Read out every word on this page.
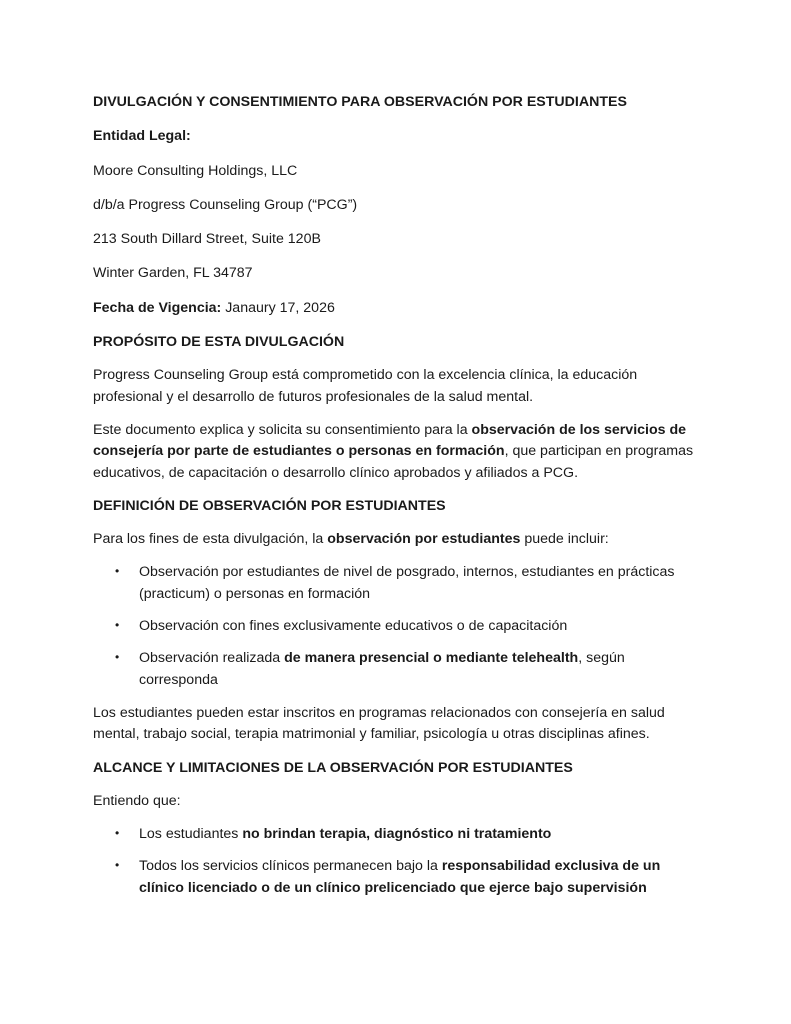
DIVULGACIÓN Y CONSENTIMIENTO PARA OBSERVACIÓN POR ESTUDIANTES

Entidad Legal:

Moore Consulting Holdings, LLC

d/b/a Progress Counseling Group (“PCG”)

213 South Dillard Street, Suite 120B

Winter Garden, FL 34787

Fecha de Vigencia: Janaury 17, 2026

PROPÓSITO DE ESTA DIVULGACIÓN

Progress Counseling Group está comprometido con la excelencia clínica, la educación profesional y el desarrollo de futuros profesionales de la salud mental.

Este documento explica y solicita su consentimiento para la observación de los servicios de consejería por parte de estudiantes o personas en formación, que participan en programas educativos, de capacitación o desarrollo clínico aprobados y afiliados a PCG.

DEFINICIÓN DE OBSERVACIÓN POR ESTUDIANTES

Para los fines de esta divulgación, la observación por estudiantes puede incluir:

• Observación por estudiantes de nivel de posgrado, internos, estudiantes en prácticas (practicum) o personas en formación
• Observación con fines exclusivamente educativos o de capacitación
• Observación realizada de manera presencial o mediante telehealth, según corresponda

Los estudiantes pueden estar inscritos en programas relacionados con consejería en salud mental, trabajo social, terapia matrimonial y familiar, psicología u otras disciplinas afines.

ALCANCE Y LIMITACIONES DE LA OBSERVACIÓN POR ESTUDIANTES

Entiendo que:

• Los estudiantes no brindan terapia, diagnóstico ni tratamiento
• Todos los servicios clínicos permanecen bajo la responsabilidad exclusiva de un clínico licenciado o de un clínico prelicenciado que ejerce bajo supervisión
